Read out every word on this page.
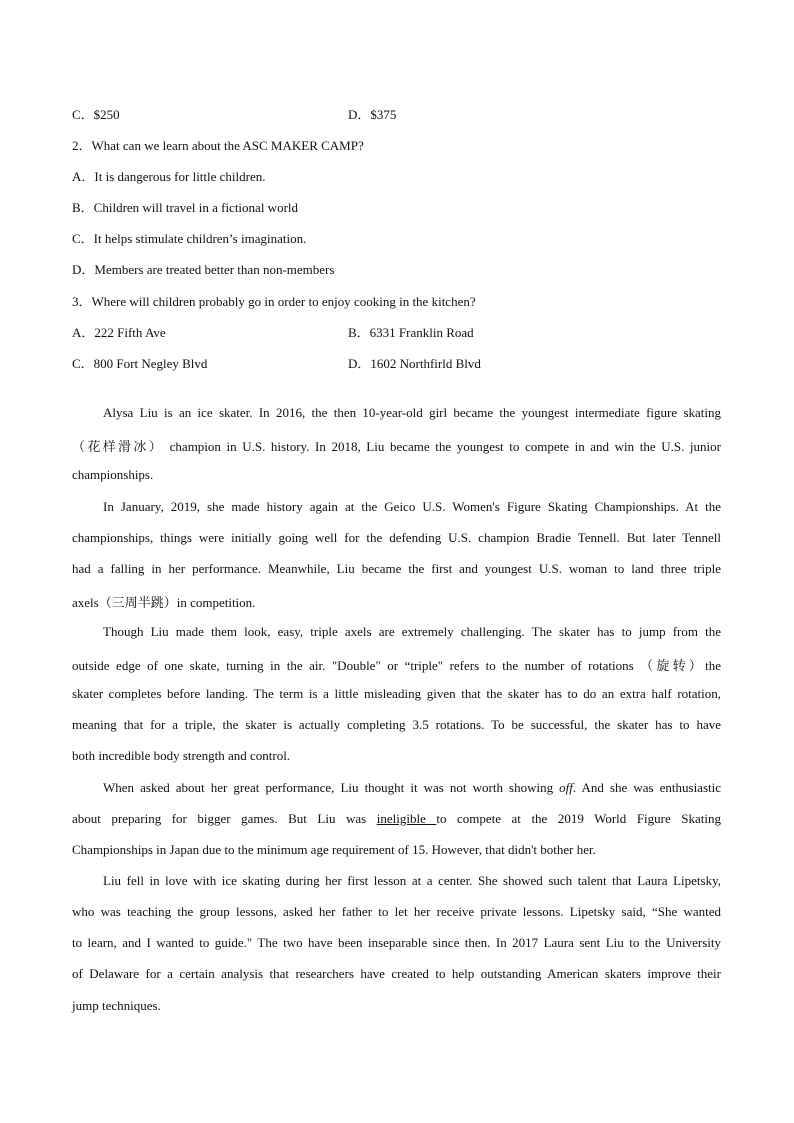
C．$250	D．$375
2．What can we learn about the ASC MAKER CAMP?
A．It is dangerous for little children.
B．Children will travel in a fictional world
C．It helps stimulate children’s imagination.
D．Members are treated better than non-members
3．Where will children probably go in order to enjoy cooking in the kitchen?
A．222 Fifth Ave	B．6331 Franklin Road
C．800 Fort Negley Blvd	D．1602 Northfirld Blvd
Alysa Liu is an ice skater. In 2016, the then 10-year-old girl became the youngest intermediate figure skating
（花样滑冰） champion in U.S. history. In 2018, Liu became the youngest to compete in and win the U.S. junior
championships.
In January, 2019, she made history again at the Geico U.S. Women's Figure Skating Championships. At the
championships, things were initially going well for the defending U.S. champion Bradie Tennell. But later Tennell
had a falling in her performance. Meanwhile, Liu became the first and youngest U.S. woman to land three triple
axels（三周半跳）in competition.
Though Liu made them look, easy, triple axels are extremely challenging. The skater has to jump from the
outside edge of one skate, turning in the air. "Double" or “triple" refers to the number of rotations （旋转）the
skater completes before landing. The term is a little misleading given that the skater has to do an extra half rotation,
meaning that for a triple, the skater is actually completing 3.5 rotations. To be successful, the skater has to have
both incredible body strength and control.
When asked about her great performance, Liu thought it was not worth showing off. And she was enthusiastic
about preparing for bigger games. But Liu was ineligible to compete at the 2019 World Figure Skating
Championships in Japan due to the minimum age requirement of 15. However, that didn't bother her.
Liu fell in love with ice skating during her first lesson at a center. She showed such talent that Laura Lipetsky,
who was teaching the group lessons, asked her father to let her receive private lessons. Lipetsky said, “She wanted
to learn, and I wanted to guide." The two have been inseparable since then. In 2017 Laura sent Liu to the University
of Delaware for a certain analysis that researchers have created to help outstanding American skaters improve their
jump techniques.
